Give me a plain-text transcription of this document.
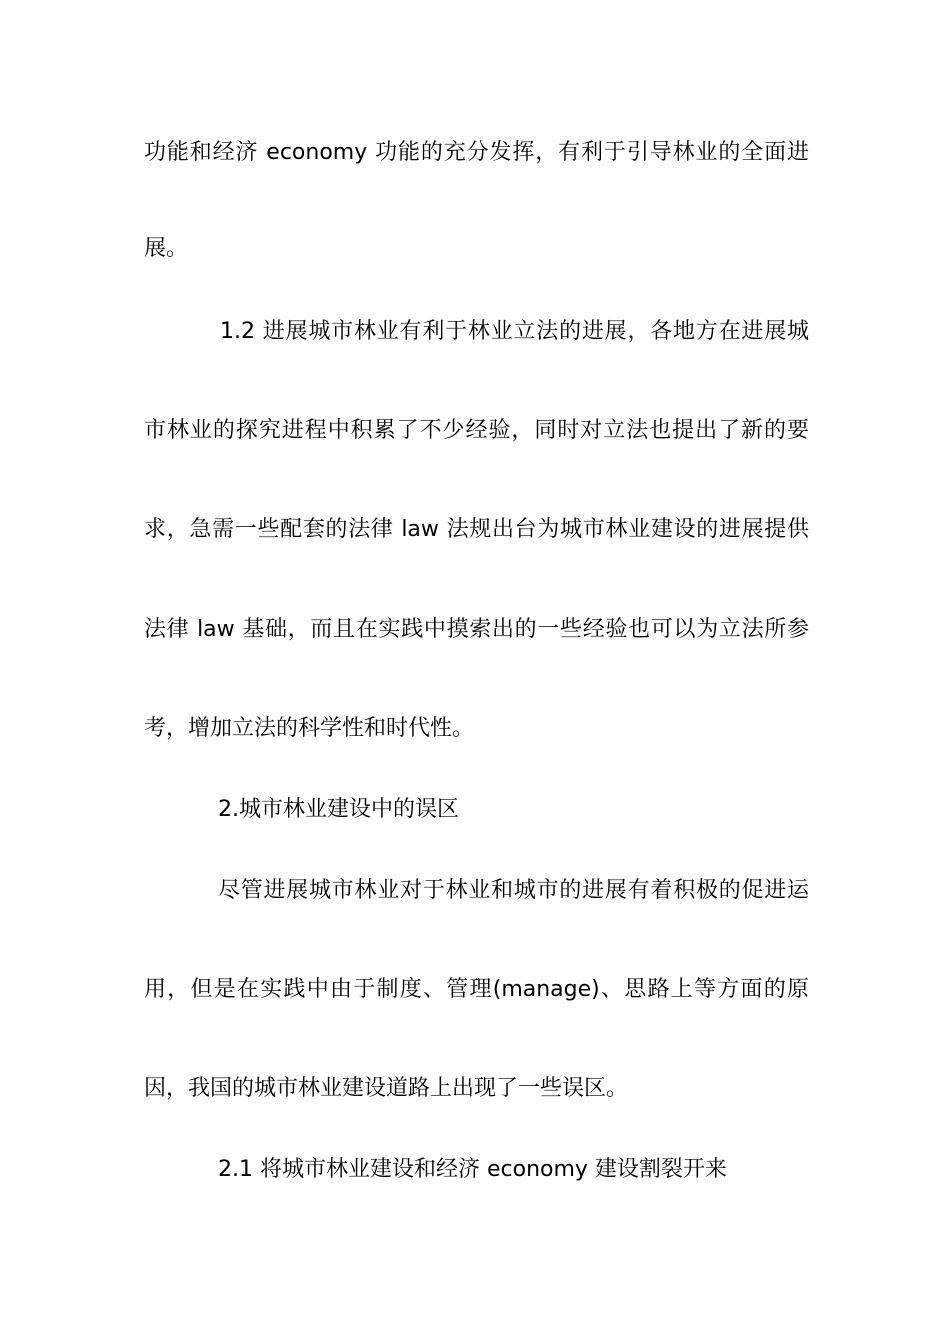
功能和经济 economy 功能的充分发挥，有利于引导林业的全面进
展。
1.2 进展城市林业有利于林业立法的进展，各地方在进展城
市林业的探究进程中积累了不少经验，同时对立法也提出了新的要
求，急需一些配套的法律 law 法规出台为城市林业建设的进展提供
法律 law 基础，而且在实践中摸索出的一些经验也可以为立法所参
考，增加立法的科学性和时代性。
2.城市林业建设中的误区
尽管进展城市林业对于林业和城市的进展有着积极的促进运
用，但是在实践中由于制度、管理(manage)、思路上等方面的原
因，我国的城市林业建设道路上出现了一些误区。
2.1 将城市林业建设和经济 economy 建设割裂开来
